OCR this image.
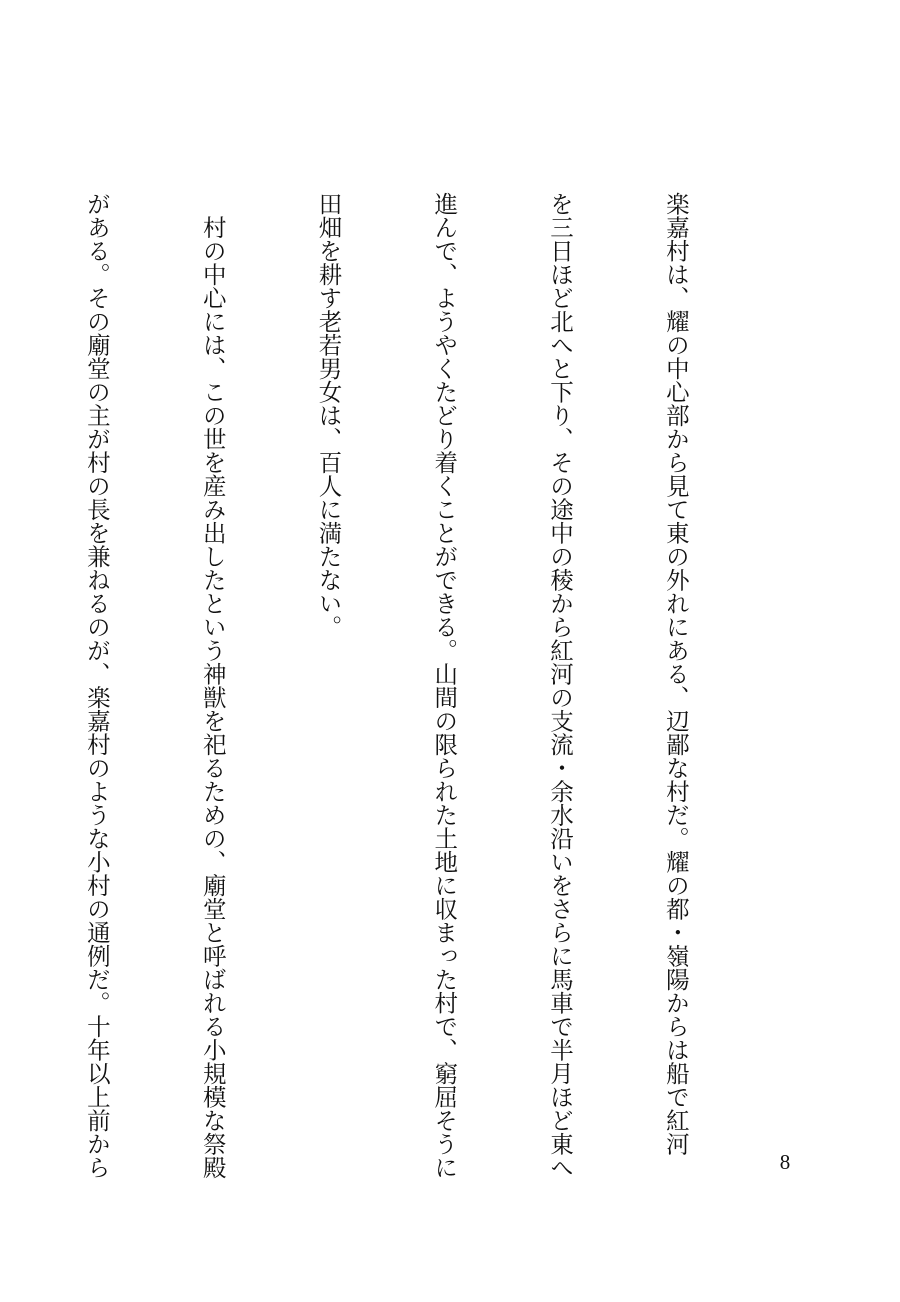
楽嘉村は、耀の中心部から見て東の外れにある、辺鄙な村だ。耀の都・嶺陽からは船で紅河

を三日ほど北へと下り、その途中の稜から紅河の支流・余水沿いをさらに馬車で半月ほど東へ

進んで、ようやくたどり着くことができる。山間の限られた土地に収まった村で、窮屈そうに

田畑を耕す老若男女は、百人に満たない。

　村の中心には、この世を産み出したという神獣を祀るための、廟堂と呼ばれる小規模な祭殿

がある。その廟堂の主が村の長を兼ねるのが、楽嘉村のような小村の通例だ。十年以上前から

	8
